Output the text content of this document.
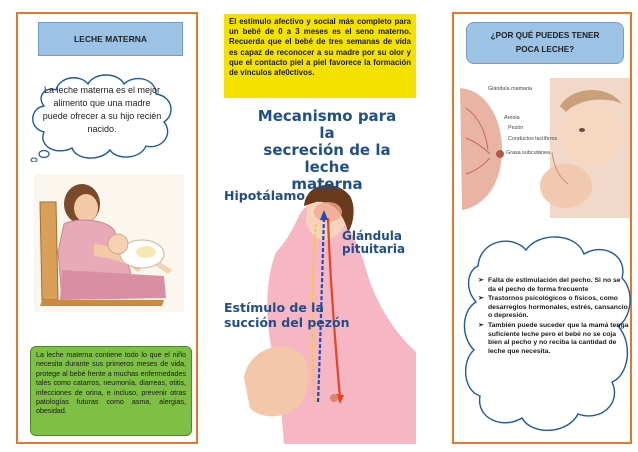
LECHE MATERNA
La leche materna es el mejor alimento que una madre puede ofrecer a su hijo recién nacido.
La leche materna contiene todo lo que el niño necesita durante sus primeros meses de vida, protege al bebé frente a muchas enfermedades tales como catarros, neumonía, diarreas, otitis, infecciones de orina, e incluso, prevenir otras patologías futuras como asma, alergias, obesidad.
El estímulo afectivo y social más completo para un bebé de 0 a 3 meses es el seno materno. Recuerda que el bebé de tres semanas de vida es capaz de reconocer a su madre por su olor y que el contacto piel a piel favorece la formación de vínculos afe0ctivos.
Mecanismo para la
secreción de la leche
materna
Hipotálamo
Glándula
pituitaria
Estímulo de la
succión del pezón
¿POR QUÉ PUEDES TENER
POCA LECHE?
Glándula mamaria
Areola
Pezón
Conductos lactíferos
Grasa subcutánea
➢ Falta de estimulación del pecho. Si no se da el pecho de forma frecuente
➢ Trastornos psicológicos o físicos, como desarreglos hormonales, estrés, cansancio o depresión.
➢ También puede suceder que la mamá tenga suficiente leche pero el bebé no se coja bien al pecho y no reciba la cantidad de leche que necesita.
